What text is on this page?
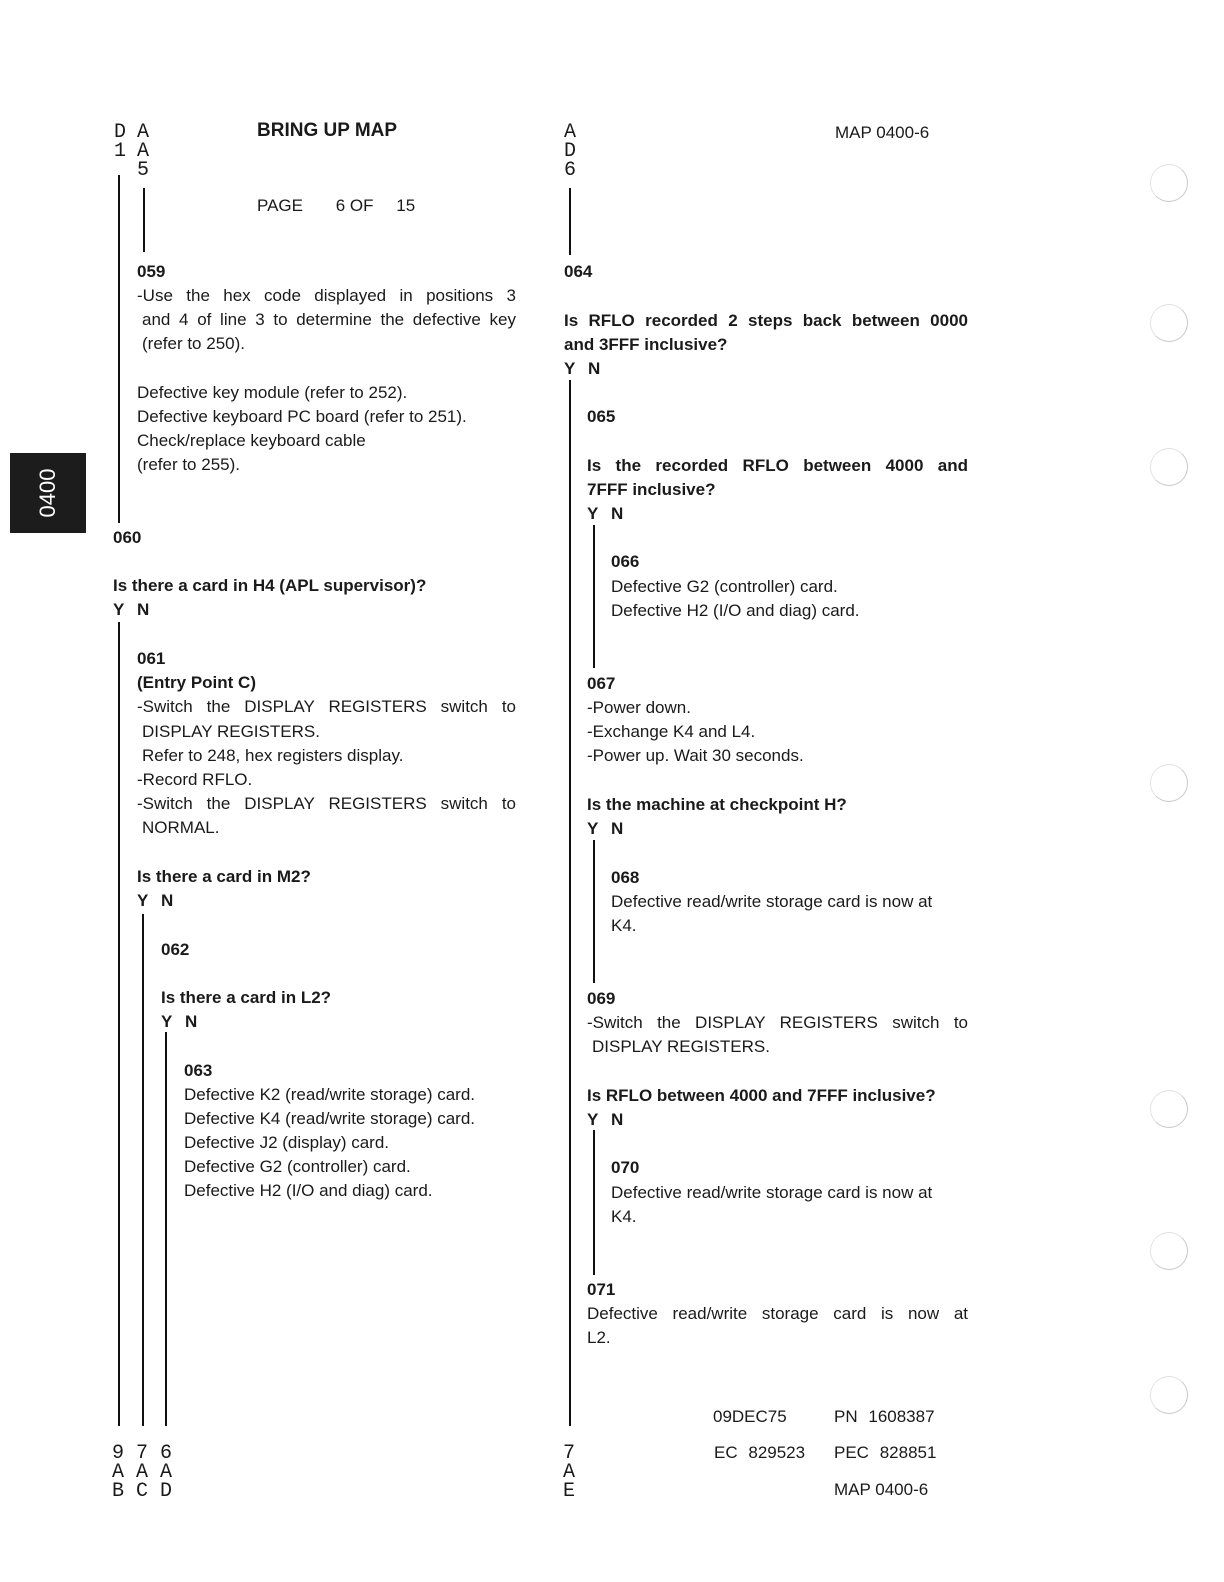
0400
BRING UP MAP
PAGE 6 OF 15
MAP 0400-6
D
1
A
A
5
A
D
6
9
A
B
7
A
C
6
A
D
7
A
E
059
-Use the hex code displayed in positions 3
and 4 of line 3 to determine the defective key
(refer to 250).
Defective key module (refer to 252).
Defective keyboard PC board (refer to 251).
Check/replace keyboard cable
(refer to 255).
060
Is there a card in H4 (APL supervisor)?
Y N
061
(Entry Point C)
-Switch the DISPLAY REGISTERS switch to
DISPLAY REGISTERS.
Refer to 248, hex registers display.
-Record RFLO.
-Switch the DISPLAY REGISTERS switch to
NORMAL.
Is there a card in M2?
Y N
062
Is there a card in L2?
Y N
063
Defective K2 (read/write storage) card.
Defective K4 (read/write storage) card.
Defective J2 (display) card.
Defective G2 (controller) card.
Defective H2 (I/O and diag) card.
064
Is RFLO recorded 2 steps back between 0000
and 3FFF inclusive?
Y N
065
Is the recorded RFLO between 4000 and
7FFF inclusive?
Y N
066
Defective G2 (controller) card.
Defective H2 (I/O and diag) card.
067
-Power down.
-Exchange K4 and L4.
-Power up. Wait 30 seconds.
Is the machine at checkpoint H?
Y N
068
Defective read/write storage card is now at
K4.
069
-Switch the DISPLAY REGISTERS switch to
DISPLAY REGISTERS.
Is RFLO between 4000 and 7FFF inclusive?
Y N
070
Defective read/write storage card is now at
K4.
071
Defective read/write storage card is now at
L2.
09DEC75	PN 1608387
EC 829523 PEC 828851
MAP 0400-6
